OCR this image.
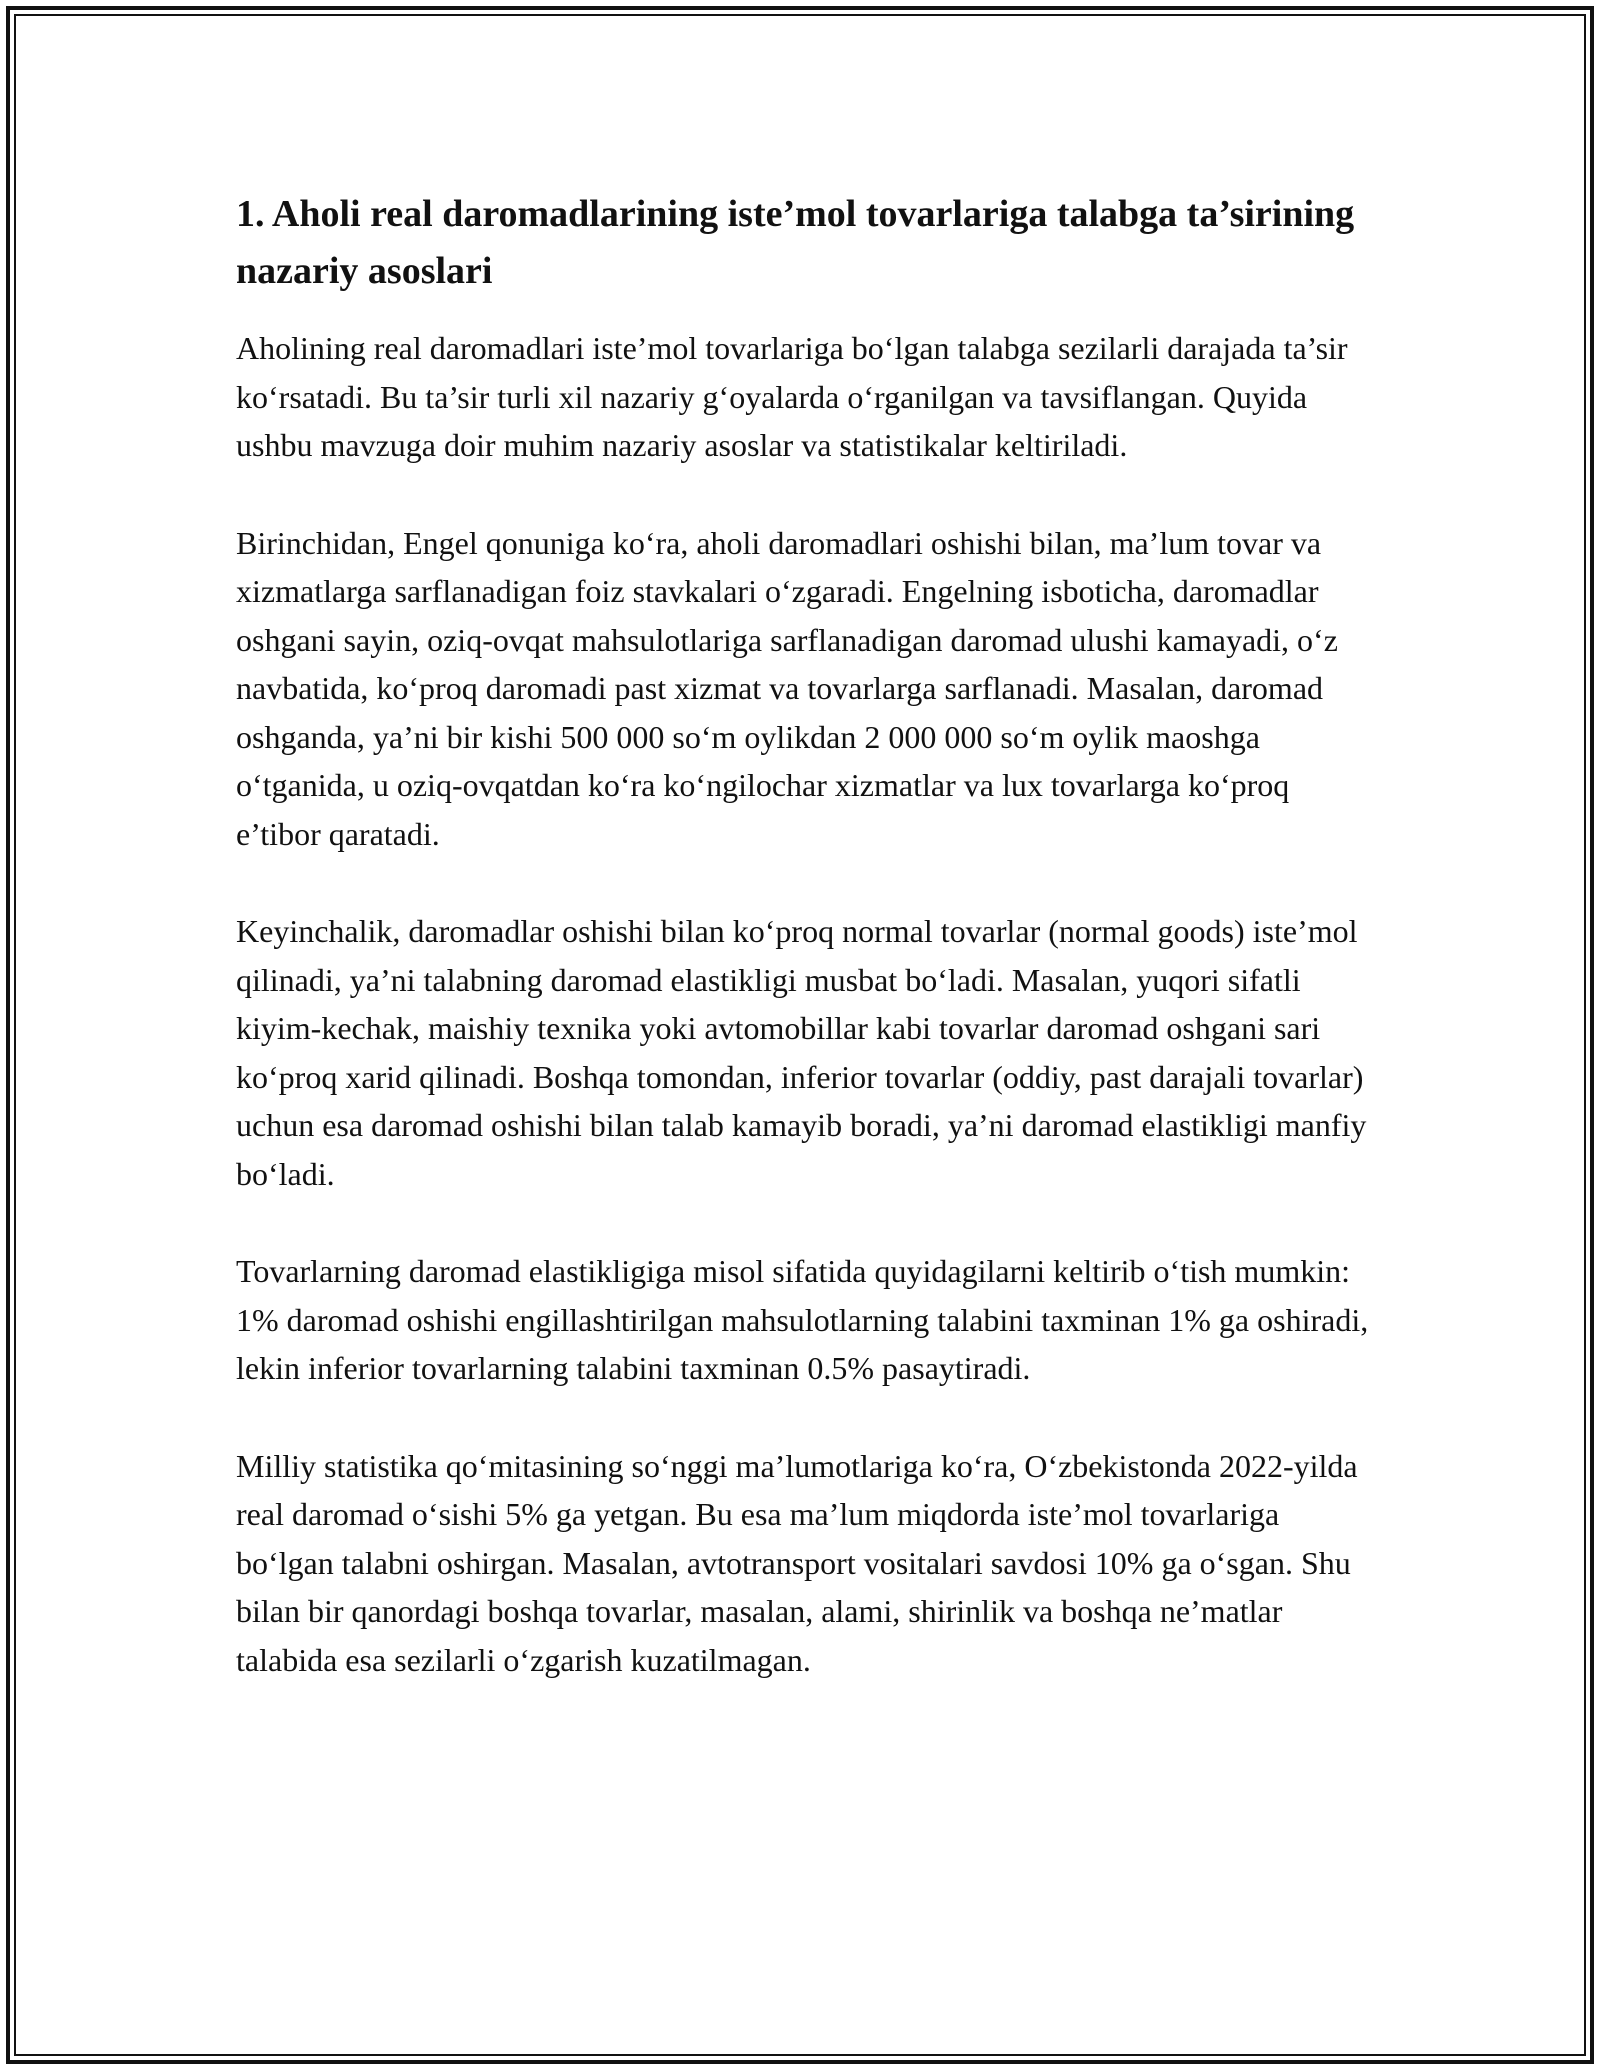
1. Aholi real daromadlarining iste’mol tovarlariga talabga ta’sirining nazariy asoslari

Aholining real daromadlari iste’mol tovarlariga bo‘lgan talabga sezilarli darajada ta’sir ko‘rsatadi. Bu ta’sir turli xil nazariy g‘oyalarda o‘rganilgan va tavsiflangan. Quyida ushbu mavzuga doir muhim nazariy asoslar va statistikalar keltiriladi.

Birinchidan, Engel qonuniga ko‘ra, aholi daromadlari oshishi bilan, ma’lum tovar va xizmatlarga sarflanadigan foiz stavkalari o‘zgaradi. Engelning isboticha, daromadlar oshgani sayin, oziq-ovqat mahsulotlariga sarflanadigan daromad ulushi kamayadi, o‘z navbatida, ko‘proq daromadi past xizmat va tovarlarga sarflanadi. Masalan, daromad oshganda, ya’ni bir kishi 500 000 so‘m oylikdan 2 000 000 so‘m oylik maoshga o‘tganida, u oziq-ovqatdan ko‘ra ko‘ngilochar xizmatlar va lux tovarlarga ko‘proq e’tibor qaratadi.

Keyinchalik, daromadlar oshishi bilan ko‘proq normal tovarlar (normal goods) iste’mol qilinadi, ya’ni talabning daromad elastikligi musbat bo‘ladi. Masalan, yuqori sifatli kiyim-kechak, maishiy texnika yoki avtomobillar kabi tovarlar daromad oshgani sari ko‘proq xarid qilinadi. Boshqa tomondan, inferior tovarlar (oddiy, past darajali tovarlar) uchun esa daromad oshishi bilan talab kamayib boradi, ya’ni daromad elastikligi manfiy bo‘ladi.

Tovarlarning daromad elastikligiga misol sifatida quyidagilarni keltirib o‘tish mumkin: 1% daromad oshishi engillashtirilgan mahsulotlarning talabini taxminan 1% ga oshiradi, lekin inferior tovarlarning talabini taxminan 0.5% pasaytiradi.

Milliy statistika qo‘mitasining so‘nggi ma’lumotlariga ko‘ra, O‘zbekistonda 2022-yilda real daromad o‘sishi 5% ga yetgan. Bu esa ma’lum miqdorda iste’mol tovarlariga bo‘lgan talabni oshirgan. Masalan, avtotransport vositalari savdosi 10% ga o‘sgan. Shu bilan bir qanordagi boshqa tovarlar, masalan, alami, shirinlik va boshqa ne’matlar talabida esa sezilarli o‘zgarish kuzatilmagan.
